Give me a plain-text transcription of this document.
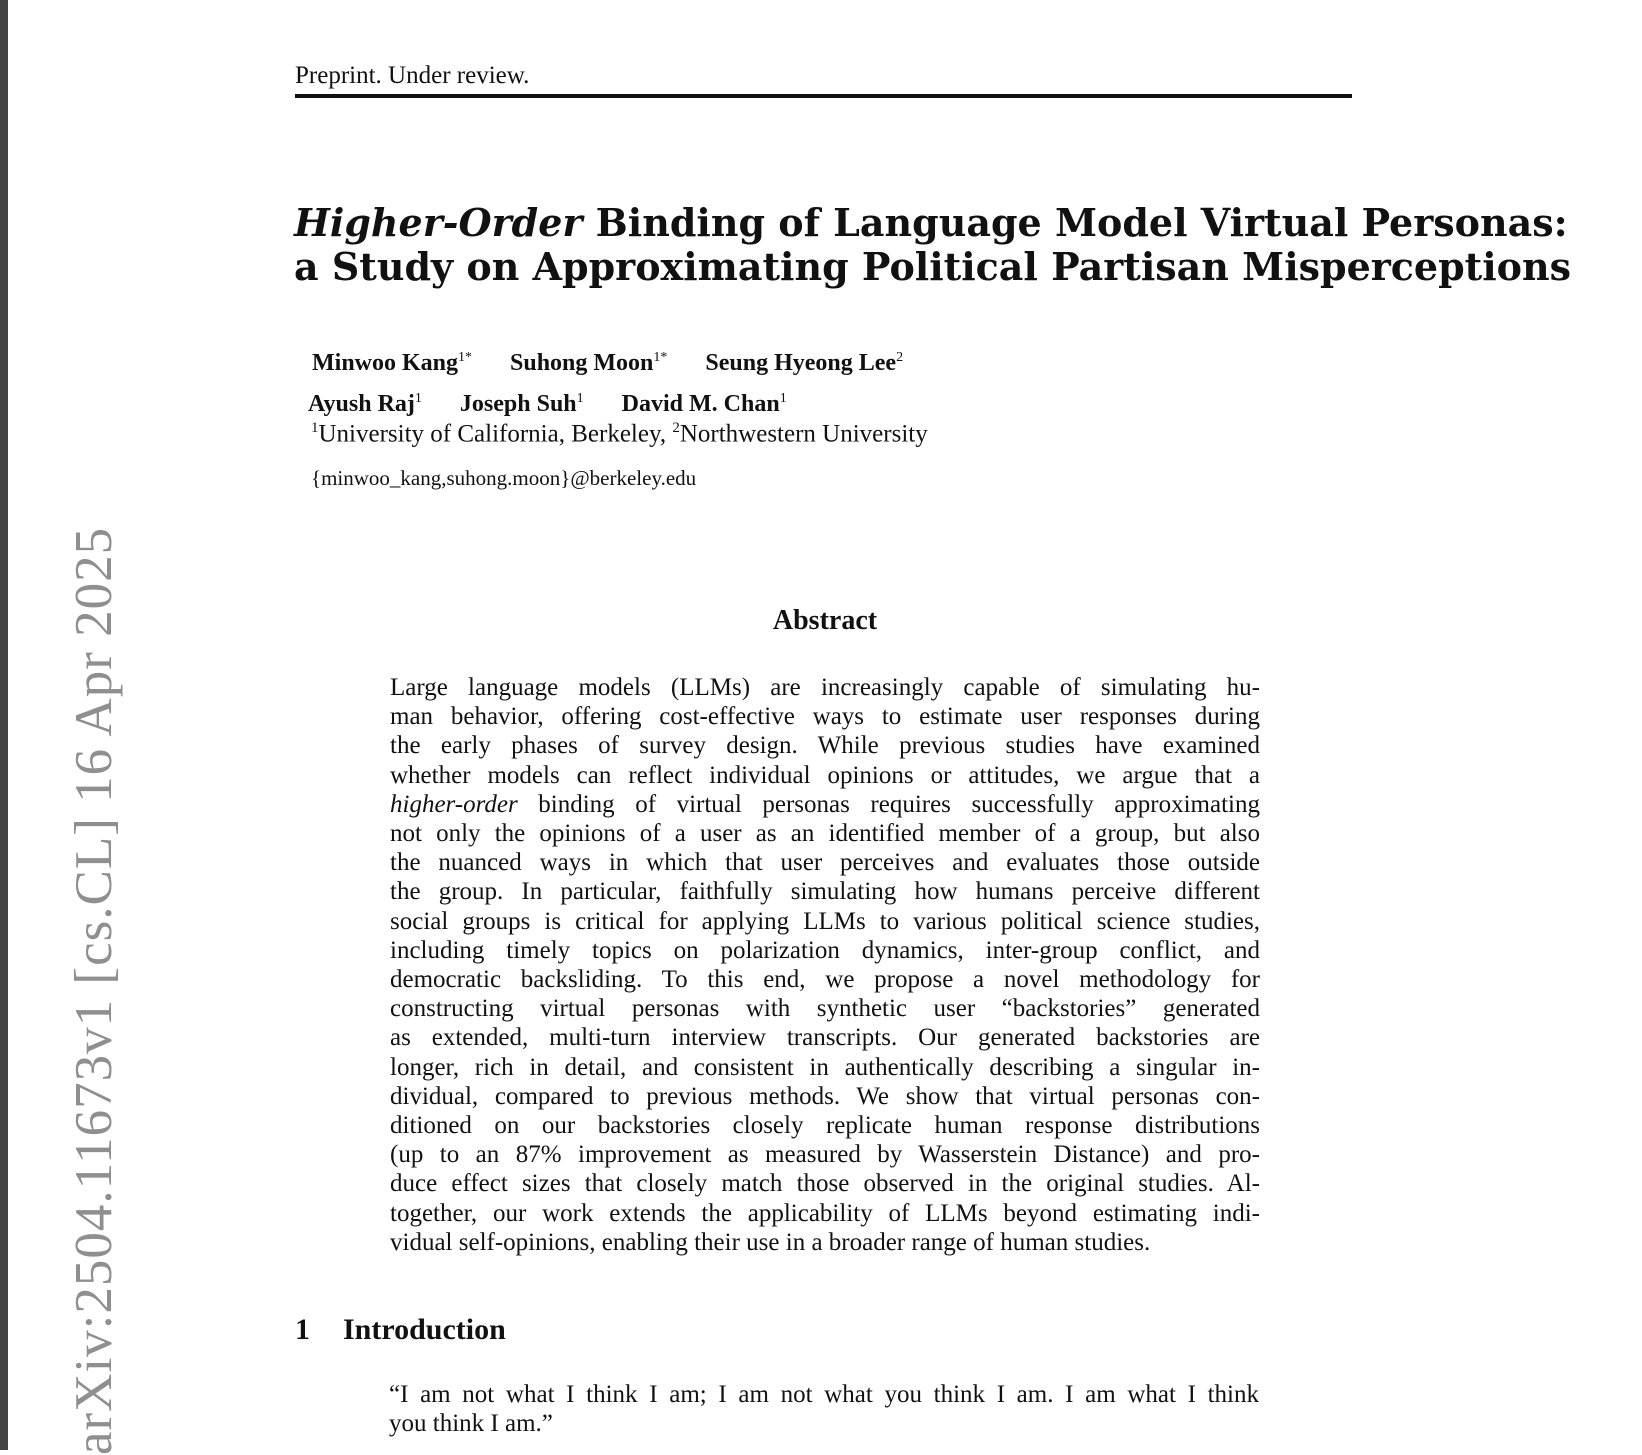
arXiv:2504.11673v1 [cs.CL] 16 Apr 2025
Preprint. Under review.
Higher-Order Binding of Language Model Virtual Personas:
a Study on Approximating Political Partisan Misperceptions
Minwoo Kang$^{1*}$ Suhong Moon$^{1*}$ Seung Hyeong Lee$^2$
Ayush Raj$^1$ Joseph Suh$^1$ David M. Chan$^1$
$^1$University of California, Berkeley, $^2$Northwestern University
{minwoo_kang,suhong.moon}@berkeley.edu
Abstract
Large language models (LLMs) are increasingly capable of simulating hu-
man behavior, offering cost-effective ways to estimate user responses during
the early phases of survey design. While previous studies have examined
whether models can reflect individual opinions or attitudes, we argue that a
higher-order binding of virtual personas requires successfully approximating
not only the opinions of a user as an identified member of a group, but also
the nuanced ways in which that user perceives and evaluates those outside
the group. In particular, faithfully simulating how humans perceive different
social groups is critical for applying LLMs to various political science studies,
including timely topics on polarization dynamics, inter-group conflict, and
democratic backsliding. To this end, we propose a novel methodology for
constructing virtual personas with synthetic user “backstories” generated
as extended, multi-turn interview transcripts. Our generated backstories are
longer, rich in detail, and consistent in authentically describing a singular in-
dividual, compared to previous methods. We show that virtual personas con-
ditioned on our backstories closely replicate human response distributions
(up to an 87% improvement as measured by Wasserstein Distance) and pro-
duce effect sizes that closely match those observed in the original studies. Al-
together, our work extends the applicability of LLMs beyond estimating indi-
vidual self-opinions, enabling their use in a broader range of human studies.
1 Introduction
“I am not what I think I am; I am not what you think I am. I am what I think
you think I am.”
